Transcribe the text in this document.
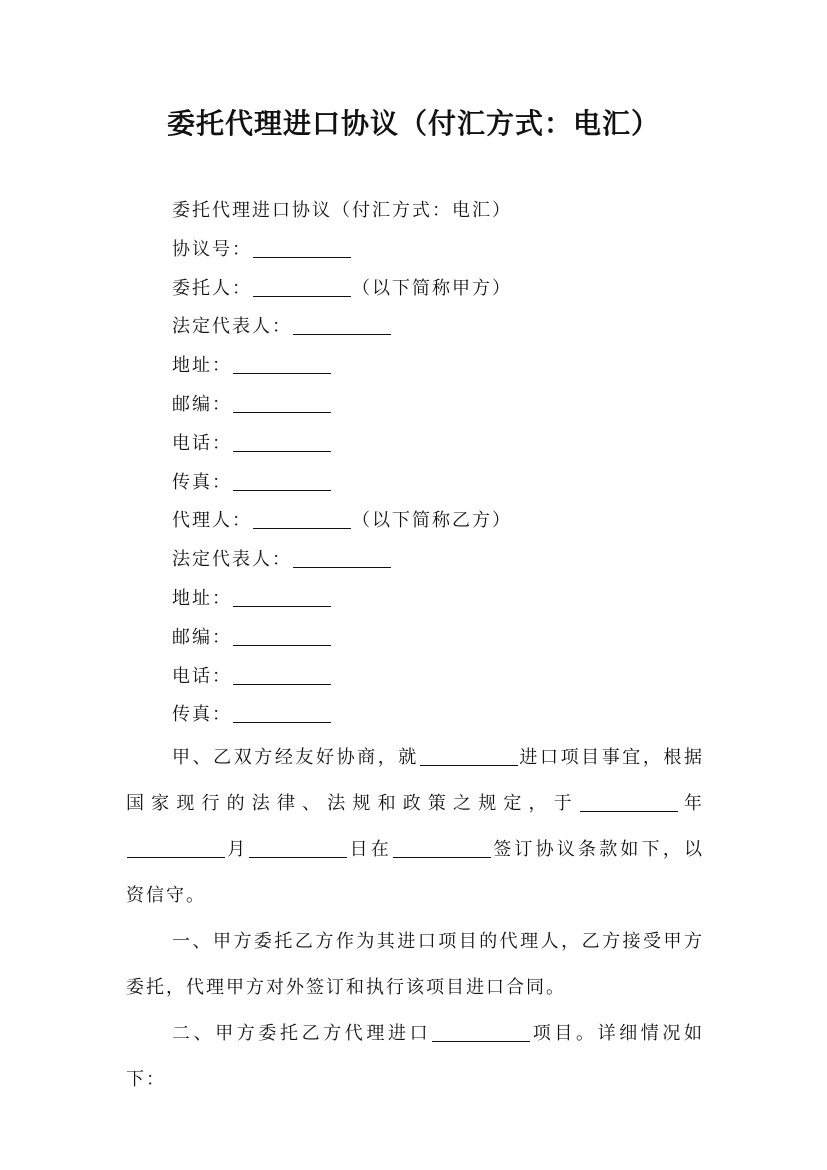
委托代理进口协议（付汇方式：电汇）
委托代理进口协议（付汇方式：电汇）
协议号：
委托人：	（以下简称甲方）
法定代表人：
地址：
邮编：
电话：
传真：
代理人：	（以下简称乙方）
法定代表人：
地址：
邮编：
电话：
传真：

甲、乙双方经友好协商，就	进口项目事宜，根据国家现行的法律、法规和政策之规定，于	年月	日在	签订协议条款如下，以资信守。

一、甲方委托乙方作为其进口项目的代理人，乙方接受甲方委托，代理甲方对外签订和执行该项目进口合同。

二、甲方委托乙方代理进口	项目。详细情况如下：
